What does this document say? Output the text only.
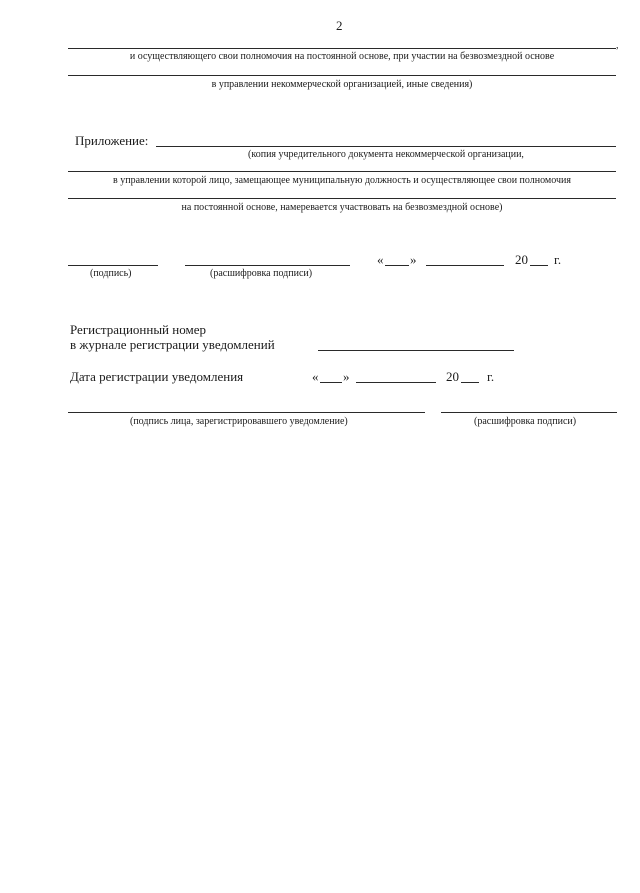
2
,
и осуществляющего свои полномочия на постоянной основе, при участии на безвозмездной основе
в управлении некоммерческой организацией, иные сведения)
Приложение:
(копия учредительного документа некоммерческой организации,
в управлении которой лицо, замещающее муниципальную должность и осуществляющее свои полномочия
на постоянной основе, намеревается участвовать на безвозмездной основе)
(подпись)	(расшифровка подписи)
« »	20 г.
Регистрационный номер
в журнале регистрации уведомлений
Дата регистрации уведомления	« »	20 г.
(подпись лица, зарегистрировавшего уведомление)	(расшифровка подписи)
